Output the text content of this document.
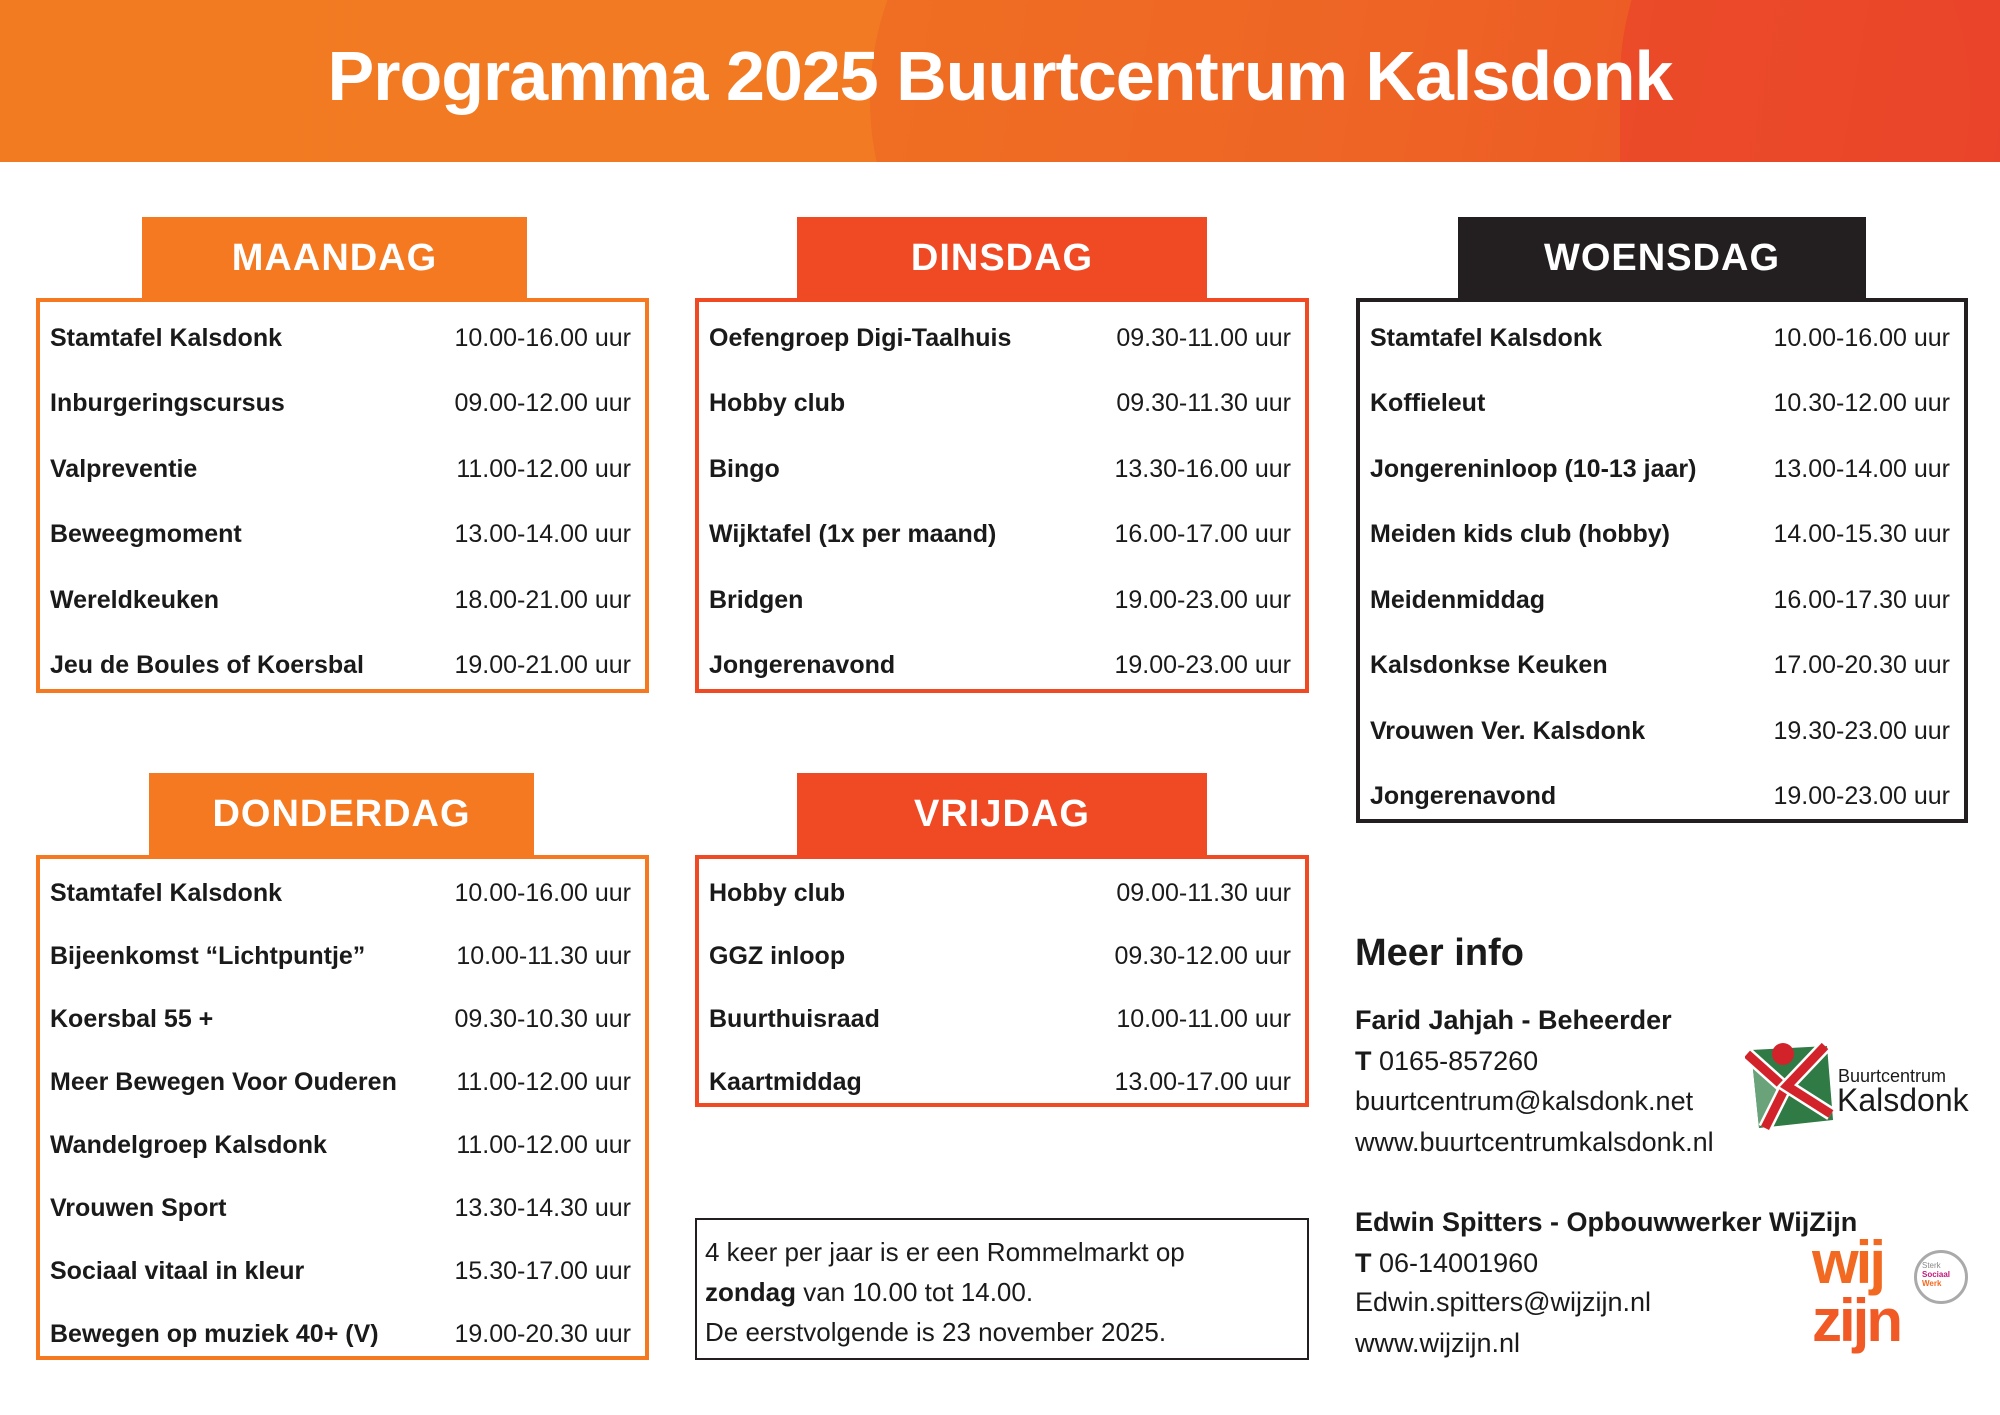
Programma 2025 Buurtcentrum Kalsdonk
MAANDAG
Stamtafel Kalsdonk	10.00-16.00 uur
Inburgeringscursus	09.00-12.00 uur
Valpreventie	11.00-12.00 uur
Beweegmoment	13.00-14.00 uur
Wereldkeuken	18.00-21.00 uur
Jeu de Boules of Koersbal	19.00-21.00 uur
DINSDAG
Oefengroep Digi-Taalhuis	09.30-11.00 uur
Hobby club	09.30-11.30 uur
Bingo	13.30-16.00 uur
Wijktafel (1x per maand)	16.00-17.00 uur
Bridgen	19.00-23.00 uur
Jongerenavond	19.00-23.00 uur
WOENSDAG
Stamtafel Kalsdonk	10.00-16.00 uur
Koffieleut	10.30-12.00 uur
Jongereninloop (10-13 jaar)	13.00-14.00 uur
Meiden kids club (hobby)	14.00-15.30 uur
Meidenmiddag	16.00-17.30 uur
Kalsdonkse Keuken	17.00-20.30 uur
Vrouwen Ver. Kalsdonk	19.30-23.00 uur
Jongerenavond	19.00-23.00 uur
DONDERDAG
Stamtafel Kalsdonk	10.00-16.00 uur
Bijeenkomst “Lichtpuntje”	10.00-11.30 uur
Koersbal 55 +	09.30-10.30 uur
Meer Bewegen Voor Ouderen 11.00-12.00 uur
Wandelgroep Kalsdonk	11.00-12.00 uur
Vrouwen Sport	13.30-14.30 uur
Sociaal vitaal in kleur	15.30-17.00 uur
Bewegen op muziek 40+ (V)	19.00-20.30 uur
VRIJDAG
Hobby club	09.00-11.30 uur
GGZ inloop	09.30-12.00 uur
Buurthuisraad	10.00-11.00 uur
Kaartmiddag	13.00-17.00 uur
4 keer per jaar is er een Rommelmarkt op
zondag van 10.00 tot 14.00.
De eerstvolgende is 23 november 2025.
Meer info
Farid Jahjah - Beheerder
T 0165-857260
buurtcentrum@kalsdonk.net
www.buurtcentrumkalsdonk.nl
Edwin Spitters - Opbouwwerker WijZijn
T 06-14001960
Edwin.spitters@wijzijn.nl
www.wijzijn.nl
Buurtcentrum
Kalsdonk
wij
zijn
Sterk
Sociaal
Werk
